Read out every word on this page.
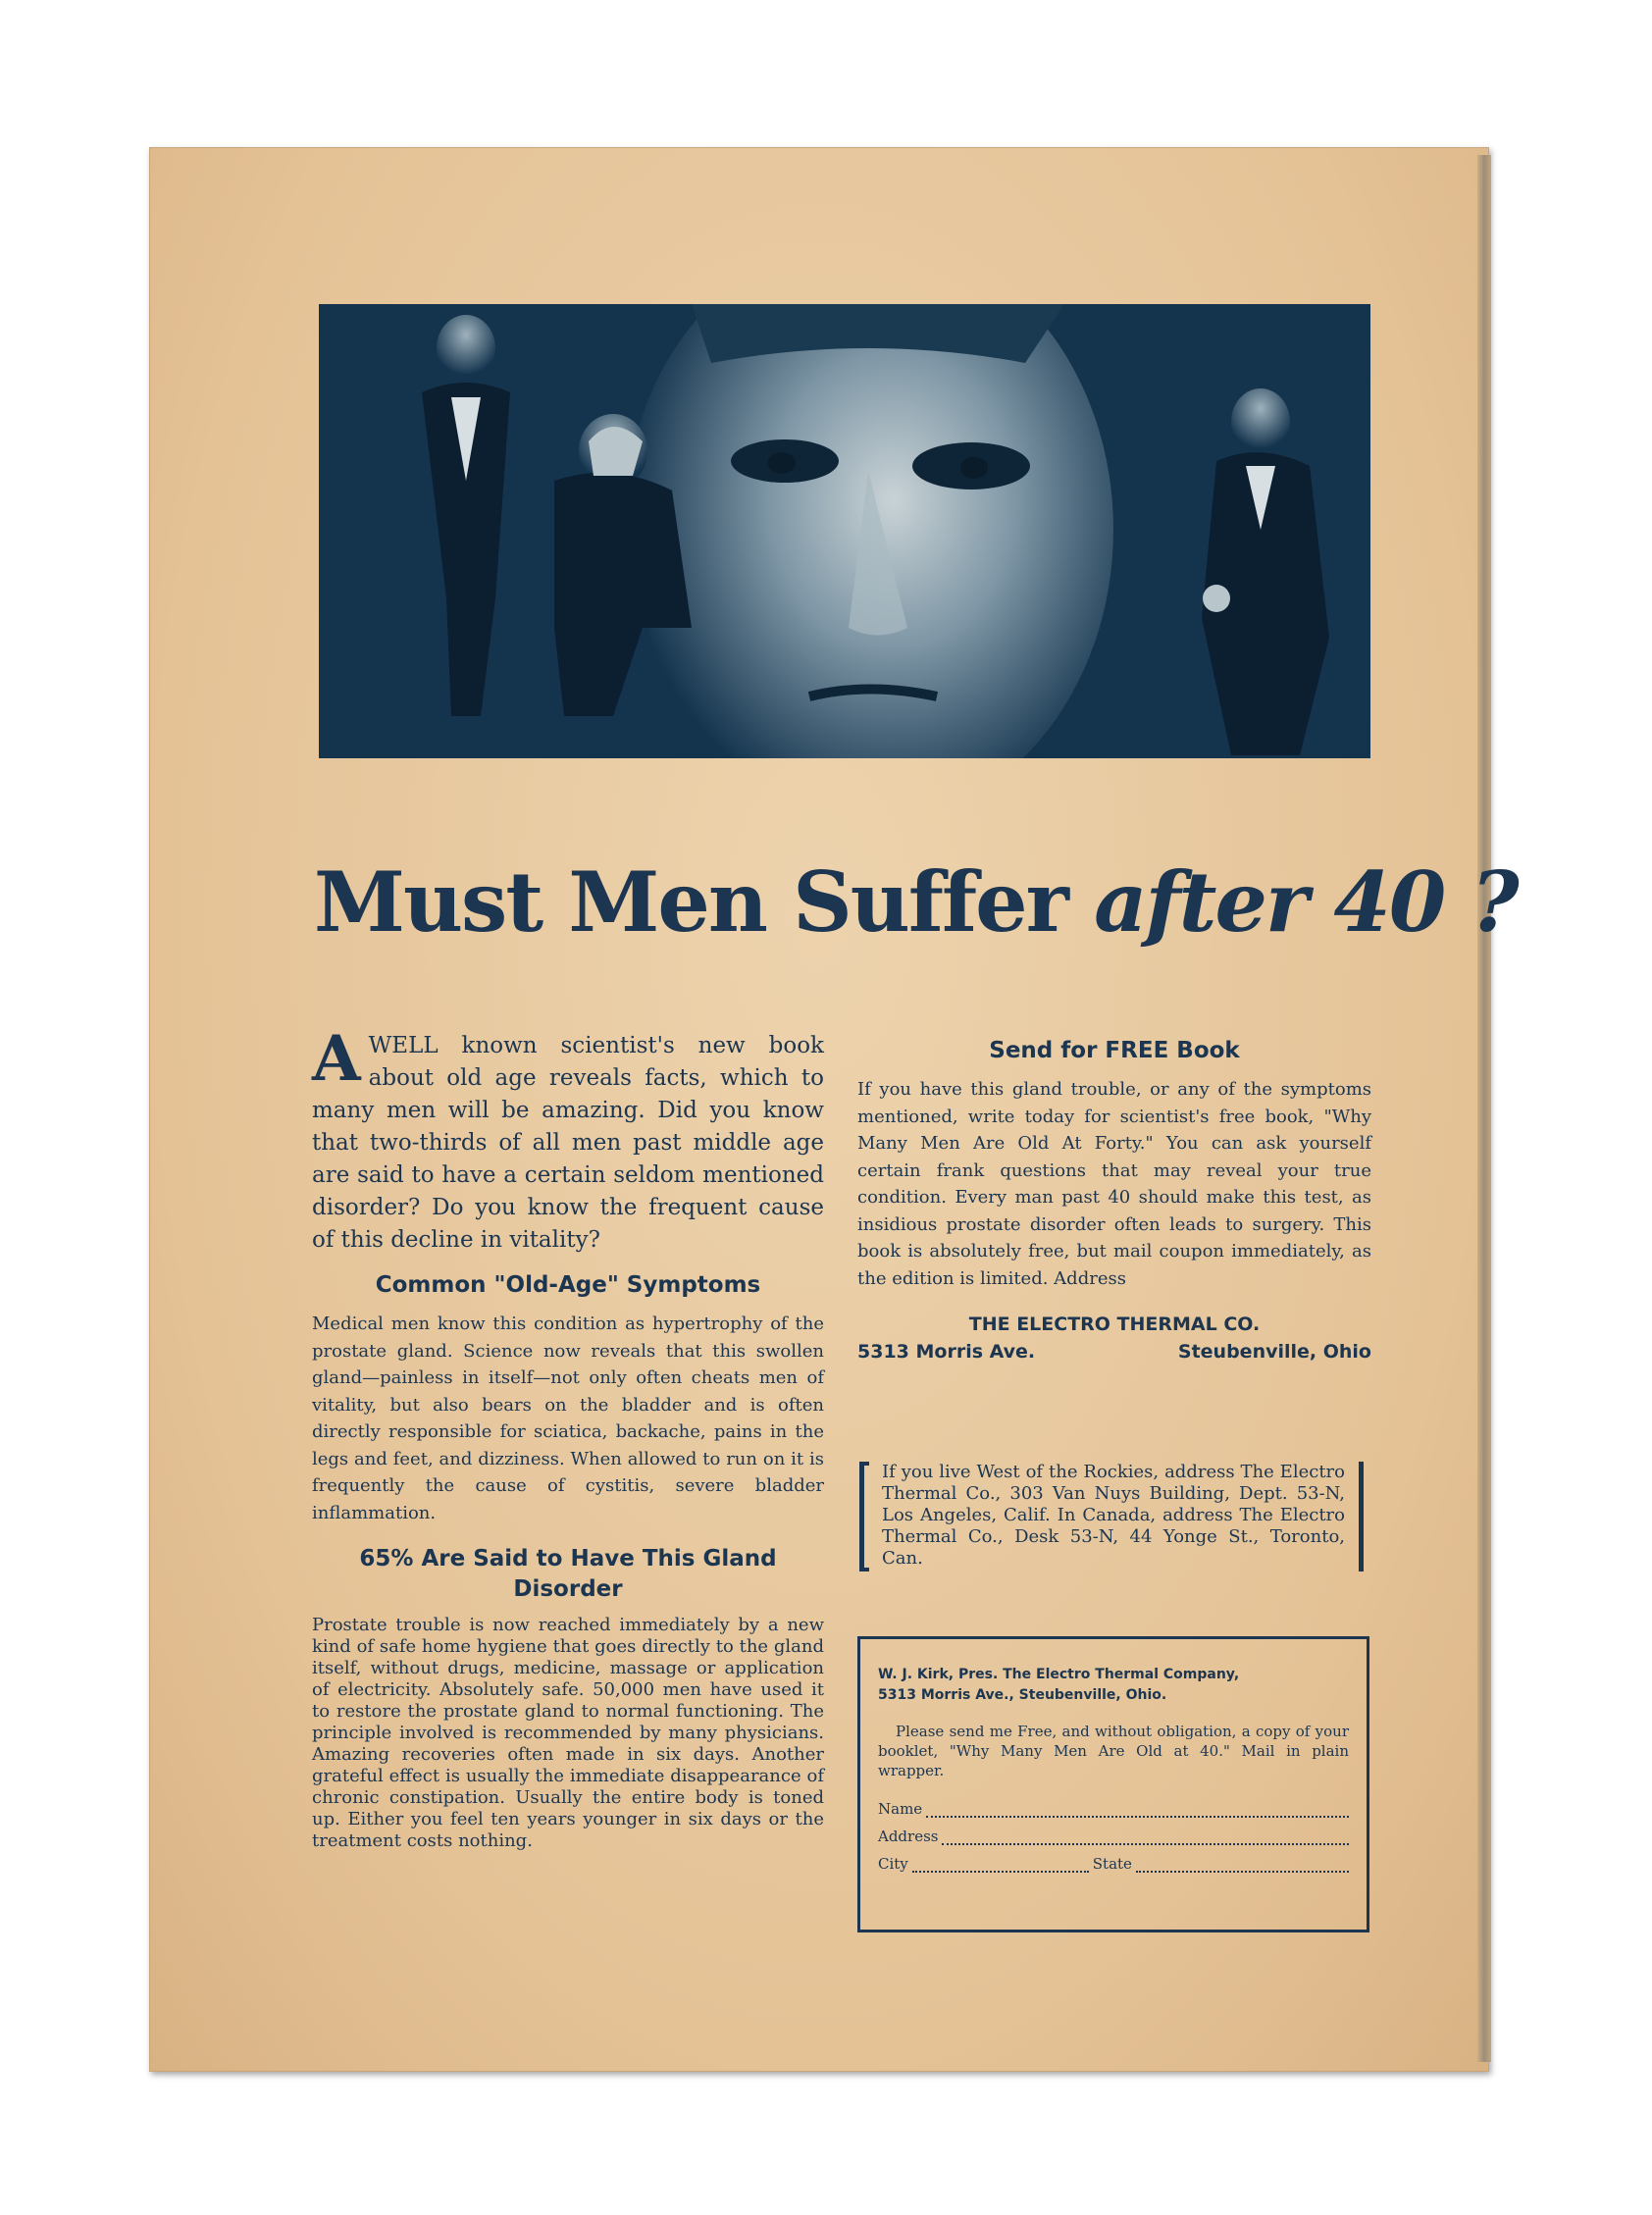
Must Men Suffer after 40 ?
A WELL known scientist's new book about old age reveals facts, which to many men will be amazing. Did you know that two-thirds of all men past middle age are said to have a certain seldom mentioned disorder? Do you know the frequent cause of this decline in vitality?
Common "Old-Age" Symptoms
Medical men know this condition as hypertrophy of the prostate gland. Science now reveals that this swollen gland—painless in itself—not only often cheats men of vitality, but also bears on the bladder and is often directly responsible for sciatica, backache, pains in the legs and feet, and dizziness. When allowed to run on it is frequently the cause of cystitis, severe bladder inflammation.
65% Are Said to Have This Gland Disorder
Prostate trouble is now reached immediately by a new kind of safe home hygiene that goes directly to the gland itself, without drugs, medicine, massage or application of electricity. Absolutely safe. 50,000 men have used it to restore the prostate gland to normal functioning. The principle involved is recommended by many physicians. Amazing recoveries often made in six days. Another grateful effect is usually the immediate disappearance of chronic constipation. Usually the entire body is toned up. Either you feel ten years younger in six days or the treatment costs nothing.
Send for FREE Book
If you have this gland trouble, or any of the symptoms mentioned, write today for scientist's free book, "Why Many Men Are Old At Forty." You can ask yourself certain frank questions that may reveal your true condition. Every man past 40 should make this test, as insidious prostate disorder often leads to surgery. This book is absolutely free, but mail coupon immediately, as the edition is limited. Address
THE ELECTRO THERMAL CO.
5313 Morris Ave.	Steubenville, Ohio
If you live West of the Rockies, address The Electro Thermal Co., 303 Van Nuys Building, Dept. 53-N, Los Angeles, Calif. In Canada, address The Electro Thermal Co., Desk 53-N, 44 Yonge St., Toronto, Can.
W. J. Kirk, Pres. The Electro Thermal Company,
5313 Morris Ave., Steubenville, Ohio.
Please send me Free, and without obligation, a copy of your booklet, "Why Many Men Are Old at 40." Mail in plain wrapper.
Name
Address
City	State
